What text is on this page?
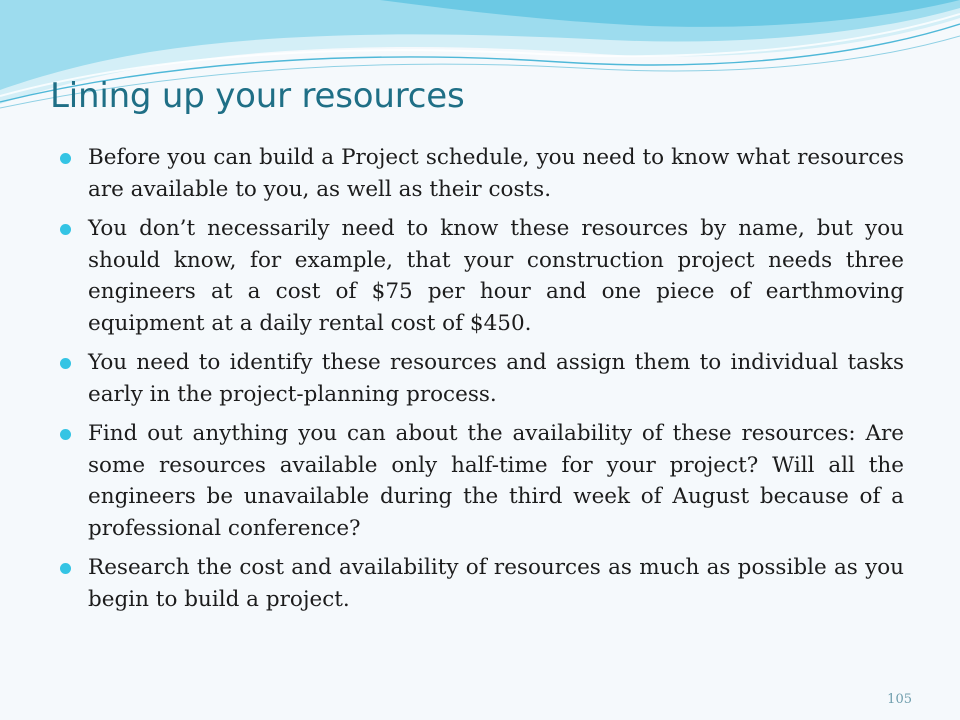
Lining up your resources
Before you can build a Project schedule, you need to know what resources are available to you, as well as their costs.
You don’t necessarily need to know these resources by name, but you should know, for example, that your construction project needs three engineers at a cost of $75 per hour and one piece of earthmoving equipment at a daily rental cost of $450.
You need to identify these resources and assign them to individual tasks early in the project-planning process.
Find out anything you can about the availability of these resources: Are some resources available only half-time for your project? Will all the engineers be unavailable during the third week of August because of a professional conference?
Research the cost and availability of resources as much as possible as you begin to build a project.
105
